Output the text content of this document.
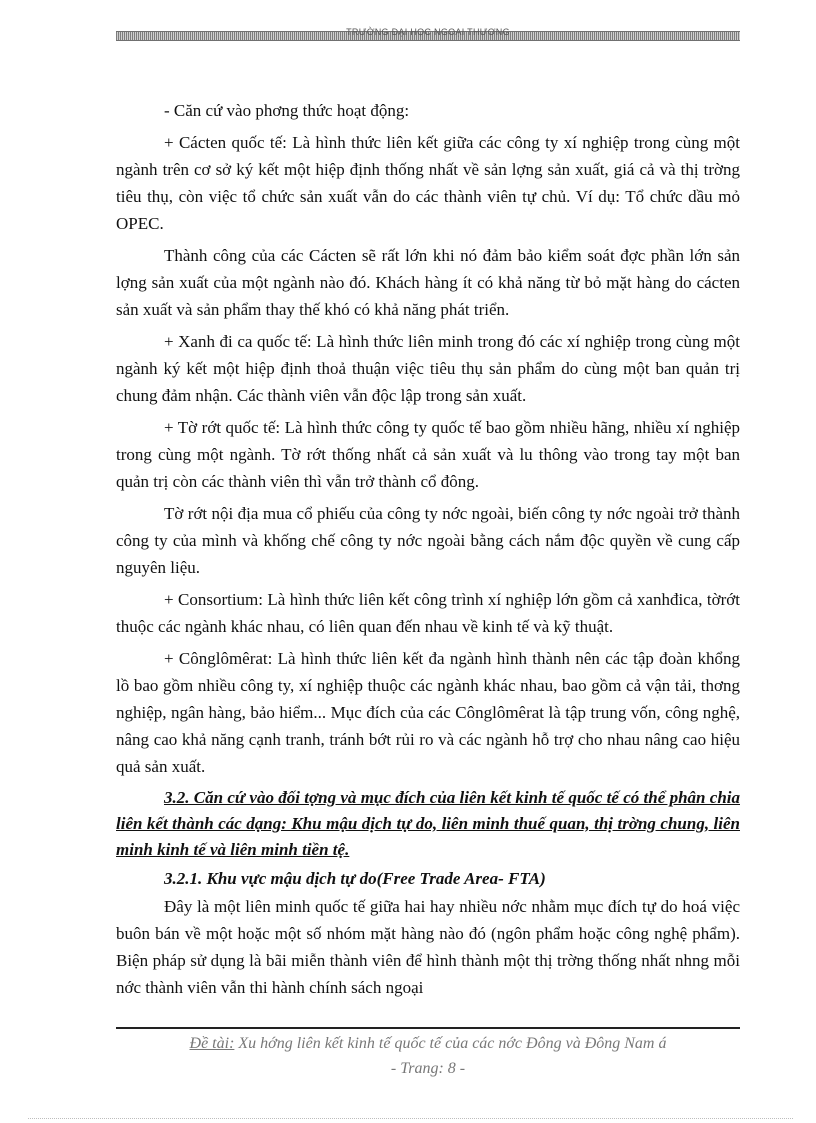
TRƯỜNG ĐẠI HỌC NGOẠI THƯƠNG

- Căn cứ vào phơng thức hoạt động:

+ Cácten quốc tế: Là hình thức liên kết giữa các công ty xí nghiệp trong cùng một ngành trên cơ sở ký kết một hiệp định thống nhất về sản lợng sản xuất, giá cả và thị trờng tiêu thụ, còn việc tổ chức sản xuất vẫn do các thành viên tự chủ. Ví dụ: Tổ chức dầu mỏ OPEC.

Thành công của các Cácten sẽ rất lớn khi nó đảm bảo kiểm soát đợc phần lớn sản lợng sản xuất của một ngành nào đó. Khách hàng ít có khả năng từ bỏ mặt hàng do cácten sản xuất và sản phẩm thay thế khó có khả năng phát triển.

+ Xanh đi ca quốc tế: Là hình thức liên minh trong đó các xí nghiệp trong cùng một ngành ký kết một hiệp định thoả thuận việc tiêu thụ sản phẩm do cùng một ban quản trị chung đảm nhận. Các thành viên vẫn độc lập trong sản xuất.

+ Tờ rớt quốc tế: Là hình thức công ty quốc tế bao gồm nhiều hãng, nhiều xí nghiệp trong cùng một ngành. Tờ rớt thống nhất cả sản xuất và lu thông vào trong tay một ban quản trị còn các thành viên thì vẫn trở thành cổ đông.

Tờ rớt nội địa mua cổ phiếu của công ty nớc ngoài, biến công ty nớc ngoài trở thành công ty của mình và khống chế công ty nớc ngoài bằng cách nắm độc quyền về cung cấp nguyên liệu.

+ Consortium: Là hình thức liên kết công trình xí nghiệp lớn gồm cả xanhđica, tờrớt thuộc các ngành khác nhau, có liên quan đến nhau về kinh tế và kỹ thuật.

+ Cônglômêrat: Là hình thức liên kết đa ngành hình thành nên các tập đoàn khổng lồ bao gồm nhiều công ty, xí nghiệp thuộc các ngành khác nhau, bao gồm cả vận tải, thơng nghiệp, ngân hàng, bảo hiểm... Mục đích của các Cônglômêrat là tập trung vốn, công nghệ, nâng cao khả năng cạnh tranh, tránh bớt rủi ro và các ngành hỗ trợ cho nhau nâng cao hiệu quả sản xuất.

3.2. Căn cứ vào đối tợng và mục đích của liên kết kinh tế quốc tế có thể phân chia liên kết thành các dạng: Khu mậu dịch tự do, liên minh thuế quan, thị trờng chung, liên minh kinh tế và liên minh tiền tệ.

3.2.1. Khu vực mậu dịch tự do(Free Trade Area- FTA)

Đây là một liên minh quốc tế giữa hai hay nhiều nớc nhằm mục đích tự do hoá việc buôn bán về một hoặc một số nhóm mặt hàng nào đó (ngôn phẩm hoặc công nghệ phẩm). Biện pháp sử dụng là bãi miễn thành viên để hình thành một thị trờng thống nhất nhng mỗi nớc thành viên vẫn thi hành chính sách ngoại

Đề tài: Xu hớng liên kết kinh tế quốc tế của các nớc Đông và Đông Nam á
- Trang: 8 -
